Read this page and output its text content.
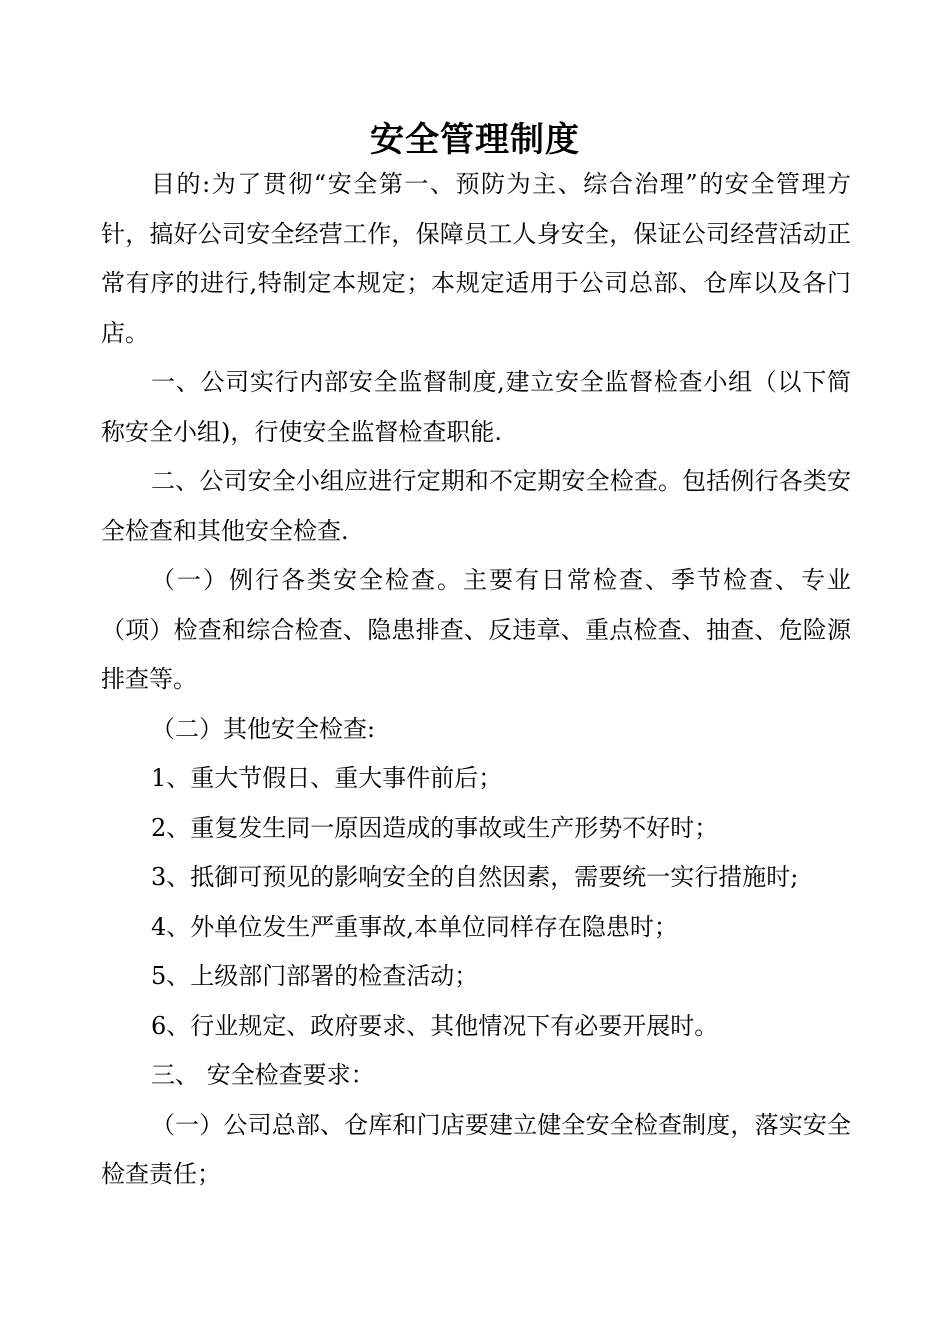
安全管理制度

目的:为了贯彻“安全第一、预防为主、综合治理”的安全管理方针，搞好公司安全经营工作，保障员工人身安全，保证公司经营活动正常有序的进行,特制定本规定；本规定适用于公司总部、仓库以及各门店。

一、公司实行内部安全监督制度,建立安全监督检查小组（以下简称安全小组)，行使安全监督检查职能.

二、公司安全小组应进行定期和不定期安全检查。包括例行各类安全检查和其他安全检查.

（一）例行各类安全检查。主要有日常检查、季节检查、专业（项）检查和综合检查、隐患排查、反违章、重点检查、抽查、危险源排查等。

（二）其他安全检查:

1、重大节假日、重大事件前后；

2、重复发生同一原因造成的事故或生产形势不好时；

3、抵御可预见的影响安全的自然因素，需要统一实行措施时;

4、外单位发生严重事故,本单位同样存在隐患时；

5、上级部门部署的检查活动；

6、行业规定、政府要求、其他情况下有必要开展时。

三、 安全检查要求：

（一）公司总部、仓库和门店要建立健全安全检查制度，落实安全检查责任；
